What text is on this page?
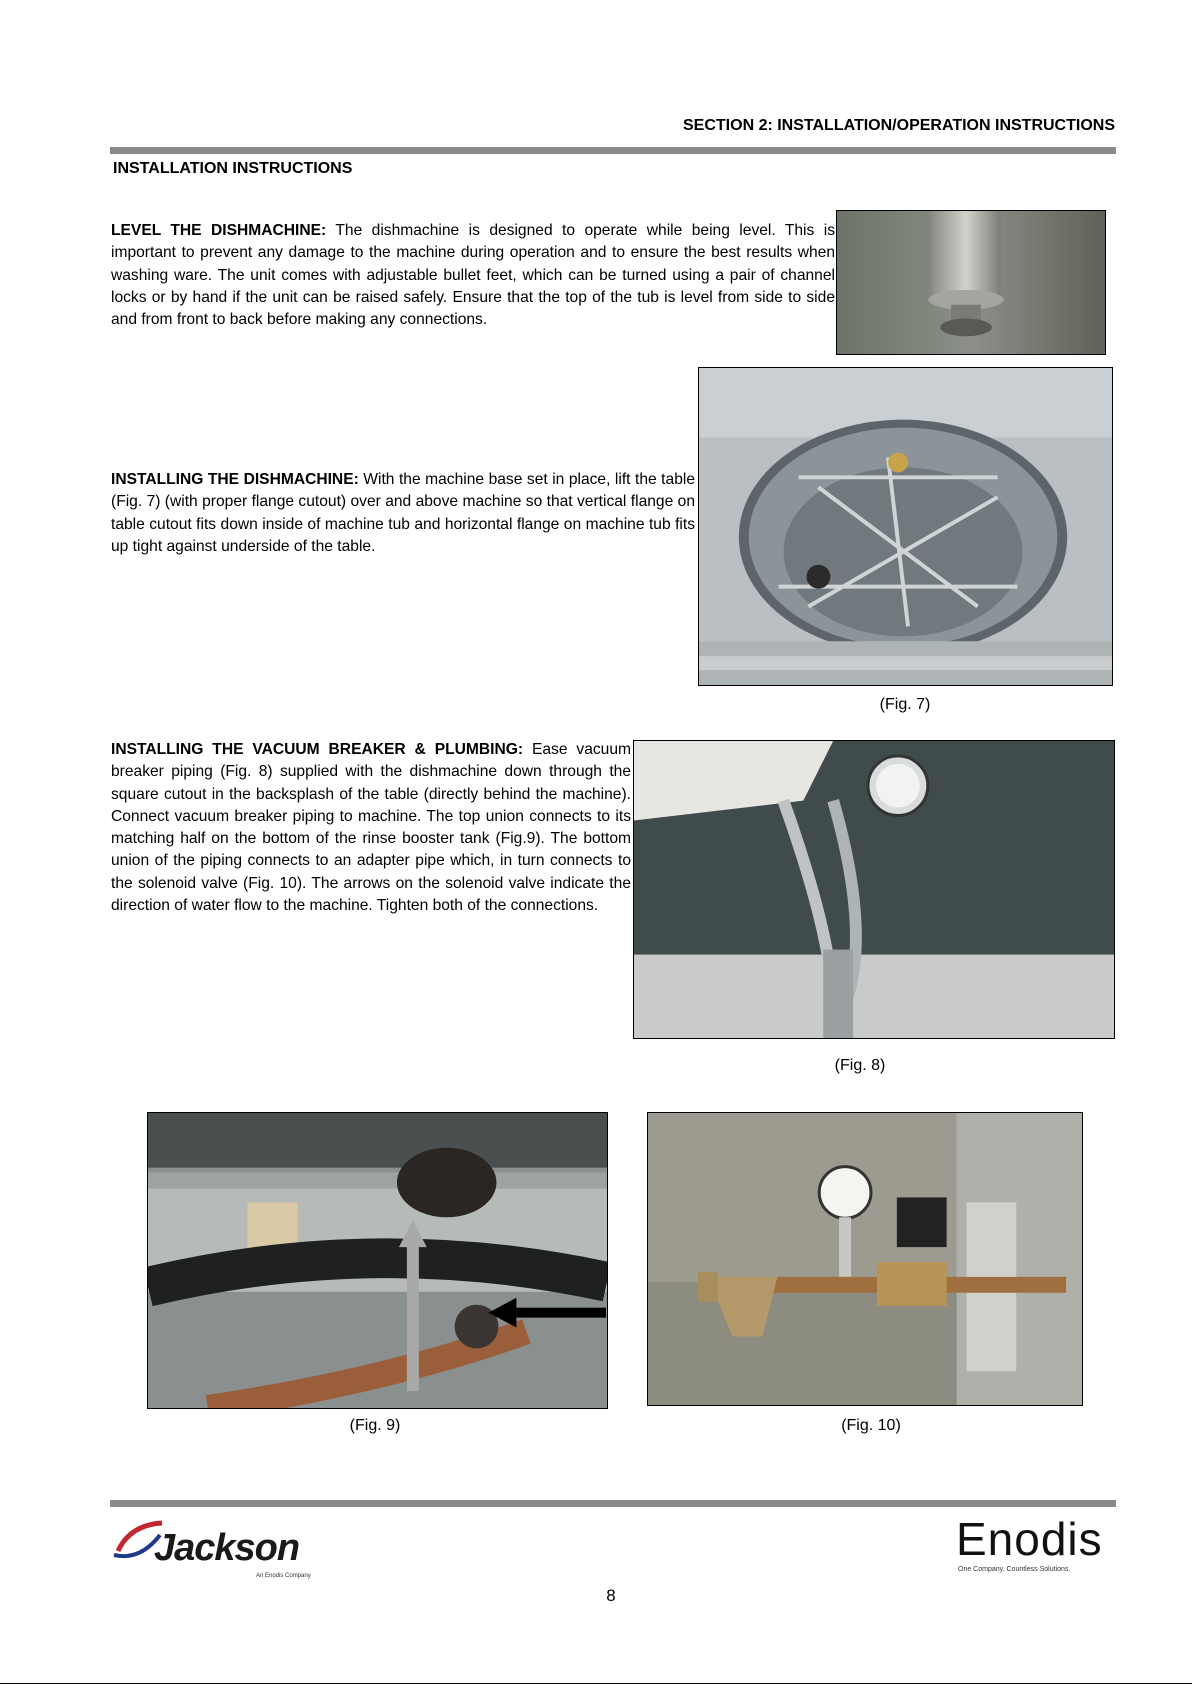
SECTION 2: INSTALLATION/OPERATION INSTRUCTIONS
INSTALLATION INSTRUCTIONS
LEVEL THE DISHMACHINE: The dishmachine is designed to operate while being level. This is important to prevent any damage to the machine during operation and to ensure the best results when washing ware. The unit comes with adjustable bullet feet, which can be turned using a pair of channel locks or by hand if the unit can be raised safely. Ensure that the top of the tub is level from side to side and from front to back before making any connections.
INSTALLING THE DISHMACHINE: With the machine base set in place, lift the table (Fig. 7) (with proper flange cutout) over and above machine so that vertical flange on table cutout fits down inside of machine tub and horizontal flange on machine tub fits up tight against underside of the table.
(Fig. 7)
INSTALLING THE VACUUM BREAKER & PLUMBING: Ease vacuum breaker piping (Fig. 8) supplied with the dishmachine down through the square cutout in the backsplash of the table (directly behind the machine). Connect vacuum breaker piping to machine. The top union connects to its matching half on the bottom of the rinse booster tank (Fig.9). The bottom union of the piping connects to an adapter pipe which, in turn connects to the solenoid valve (Fig. 10). The arrows on the solenoid valve indicate the direction of water flow to the machine. Tighten both of the connections.
(Fig. 8)
(Fig. 9)	(Fig. 10)
Jackson
An Enodis Company
Enodis
One Company. Countless Solutions.
8
